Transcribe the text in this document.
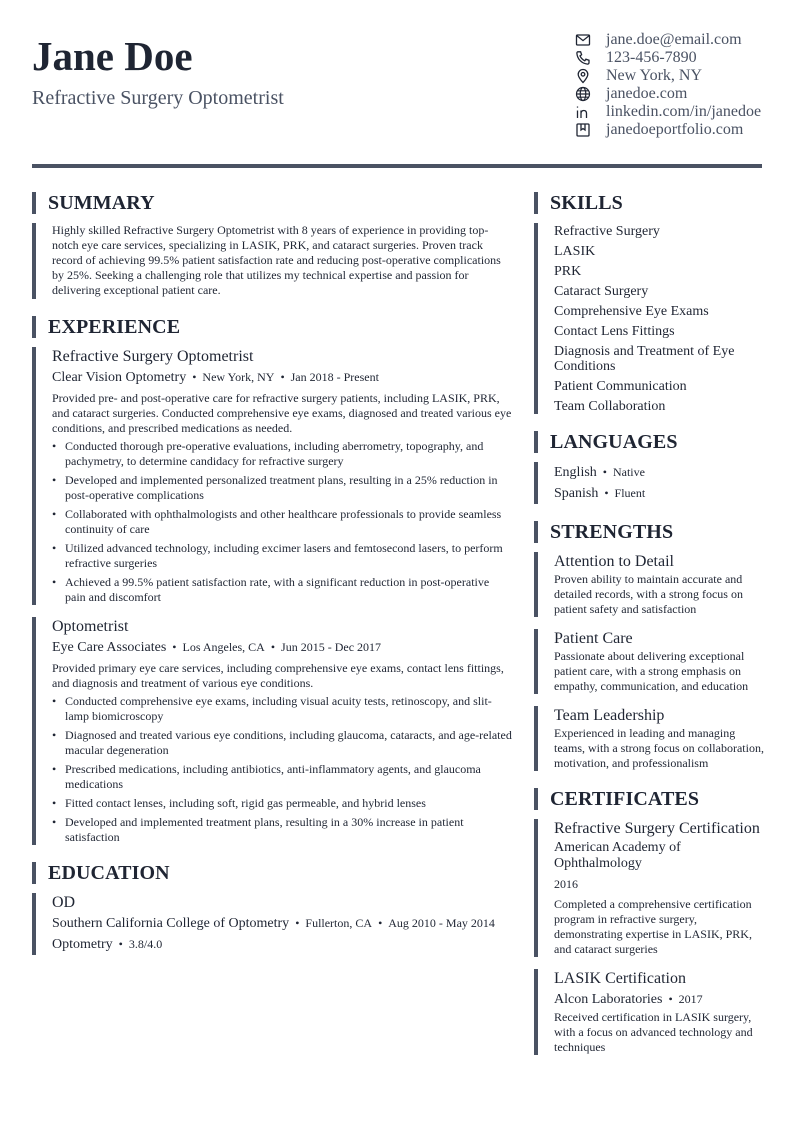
Jane Doe
Refractive Surgery Optometrist
jane.doe@email.com
123-456-7890
New York, NY
janedoe.com
linkedin.com/in/janedoe
janedoeportfolio.com
SUMMARY
Highly skilled Refractive Surgery Optometrist with 8 years of experience in providing top-notch eye care services, specializing in LASIK, PRK, and cataract surgeries. Proven track record of achieving 99.5% patient satisfaction rate and reducing post-operative complications by 25%. Seeking a challenging role that utilizes my technical expertise and passion for delivering exceptional patient care.
EXPERIENCE
Refractive Surgery Optometrist
Clear Vision Optometry • New York, NY • Jan 2018 - Present
Provided pre- and post-operative care for refractive surgery patients, including LASIK, PRK, and cataract surgeries. Conducted comprehensive eye exams, diagnosed and treated various eye conditions, and prescribed medications as needed.
• Conducted thorough pre-operative evaluations, including aberrometry, topography, and pachymetry, to determine candidacy for refractive surgery
• Developed and implemented personalized treatment plans, resulting in a 25% reduction in post-operative complications
• Collaborated with ophthalmologists and other healthcare professionals to provide seamless continuity of care
• Utilized advanced technology, including excimer lasers and femtosecond lasers, to perform refractive surgeries
• Achieved a 99.5% patient satisfaction rate, with a significant reduction in post-operative pain and discomfort
Optometrist
Eye Care Associates • Los Angeles, CA • Jun 2015 - Dec 2017
Provided primary eye care services, including comprehensive eye exams, contact lens fittings, and diagnosis and treatment of various eye conditions.
• Conducted comprehensive eye exams, including visual acuity tests, retinoscopy, and slit-lamp biomicroscopy
• Diagnosed and treated various eye conditions, including glaucoma, cataracts, and age-related macular degeneration
• Prescribed medications, including antibiotics, anti-inflammatory agents, and glaucoma medications
• Fitted contact lenses, including soft, rigid gas permeable, and hybrid lenses
• Developed and implemented treatment plans, resulting in a 30% increase in patient satisfaction
EDUCATION
OD
Southern California College of Optometry • Fullerton, CA • Aug 2010 - May 2014
Optometry • 3.8/4.0
SKILLS
Refractive Surgery
LASIK
PRK
Cataract Surgery
Comprehensive Eye Exams
Contact Lens Fittings
Diagnosis and Treatment of Eye Conditions
Patient Communication
Team Collaboration
LANGUAGES
English • Native
Spanish • Fluent
STRENGTHS
Attention to Detail
Proven ability to maintain accurate and detailed records, with a strong focus on patient safety and satisfaction
Patient Care
Passionate about delivering exceptional patient care, with a strong emphasis on empathy, communication, and education
Team Leadership
Experienced in leading and managing teams, with a strong focus on collaboration, motivation, and professionalism
CERTIFICATES
Refractive Surgery Certification
American Academy of Ophthalmology
2016
Completed a comprehensive certification program in refractive surgery, demonstrating expertise in LASIK, PRK, and cataract surgeries
LASIK Certification
Alcon Laboratories • 2017
Received certification in LASIK surgery, with a focus on advanced technology and techniques
